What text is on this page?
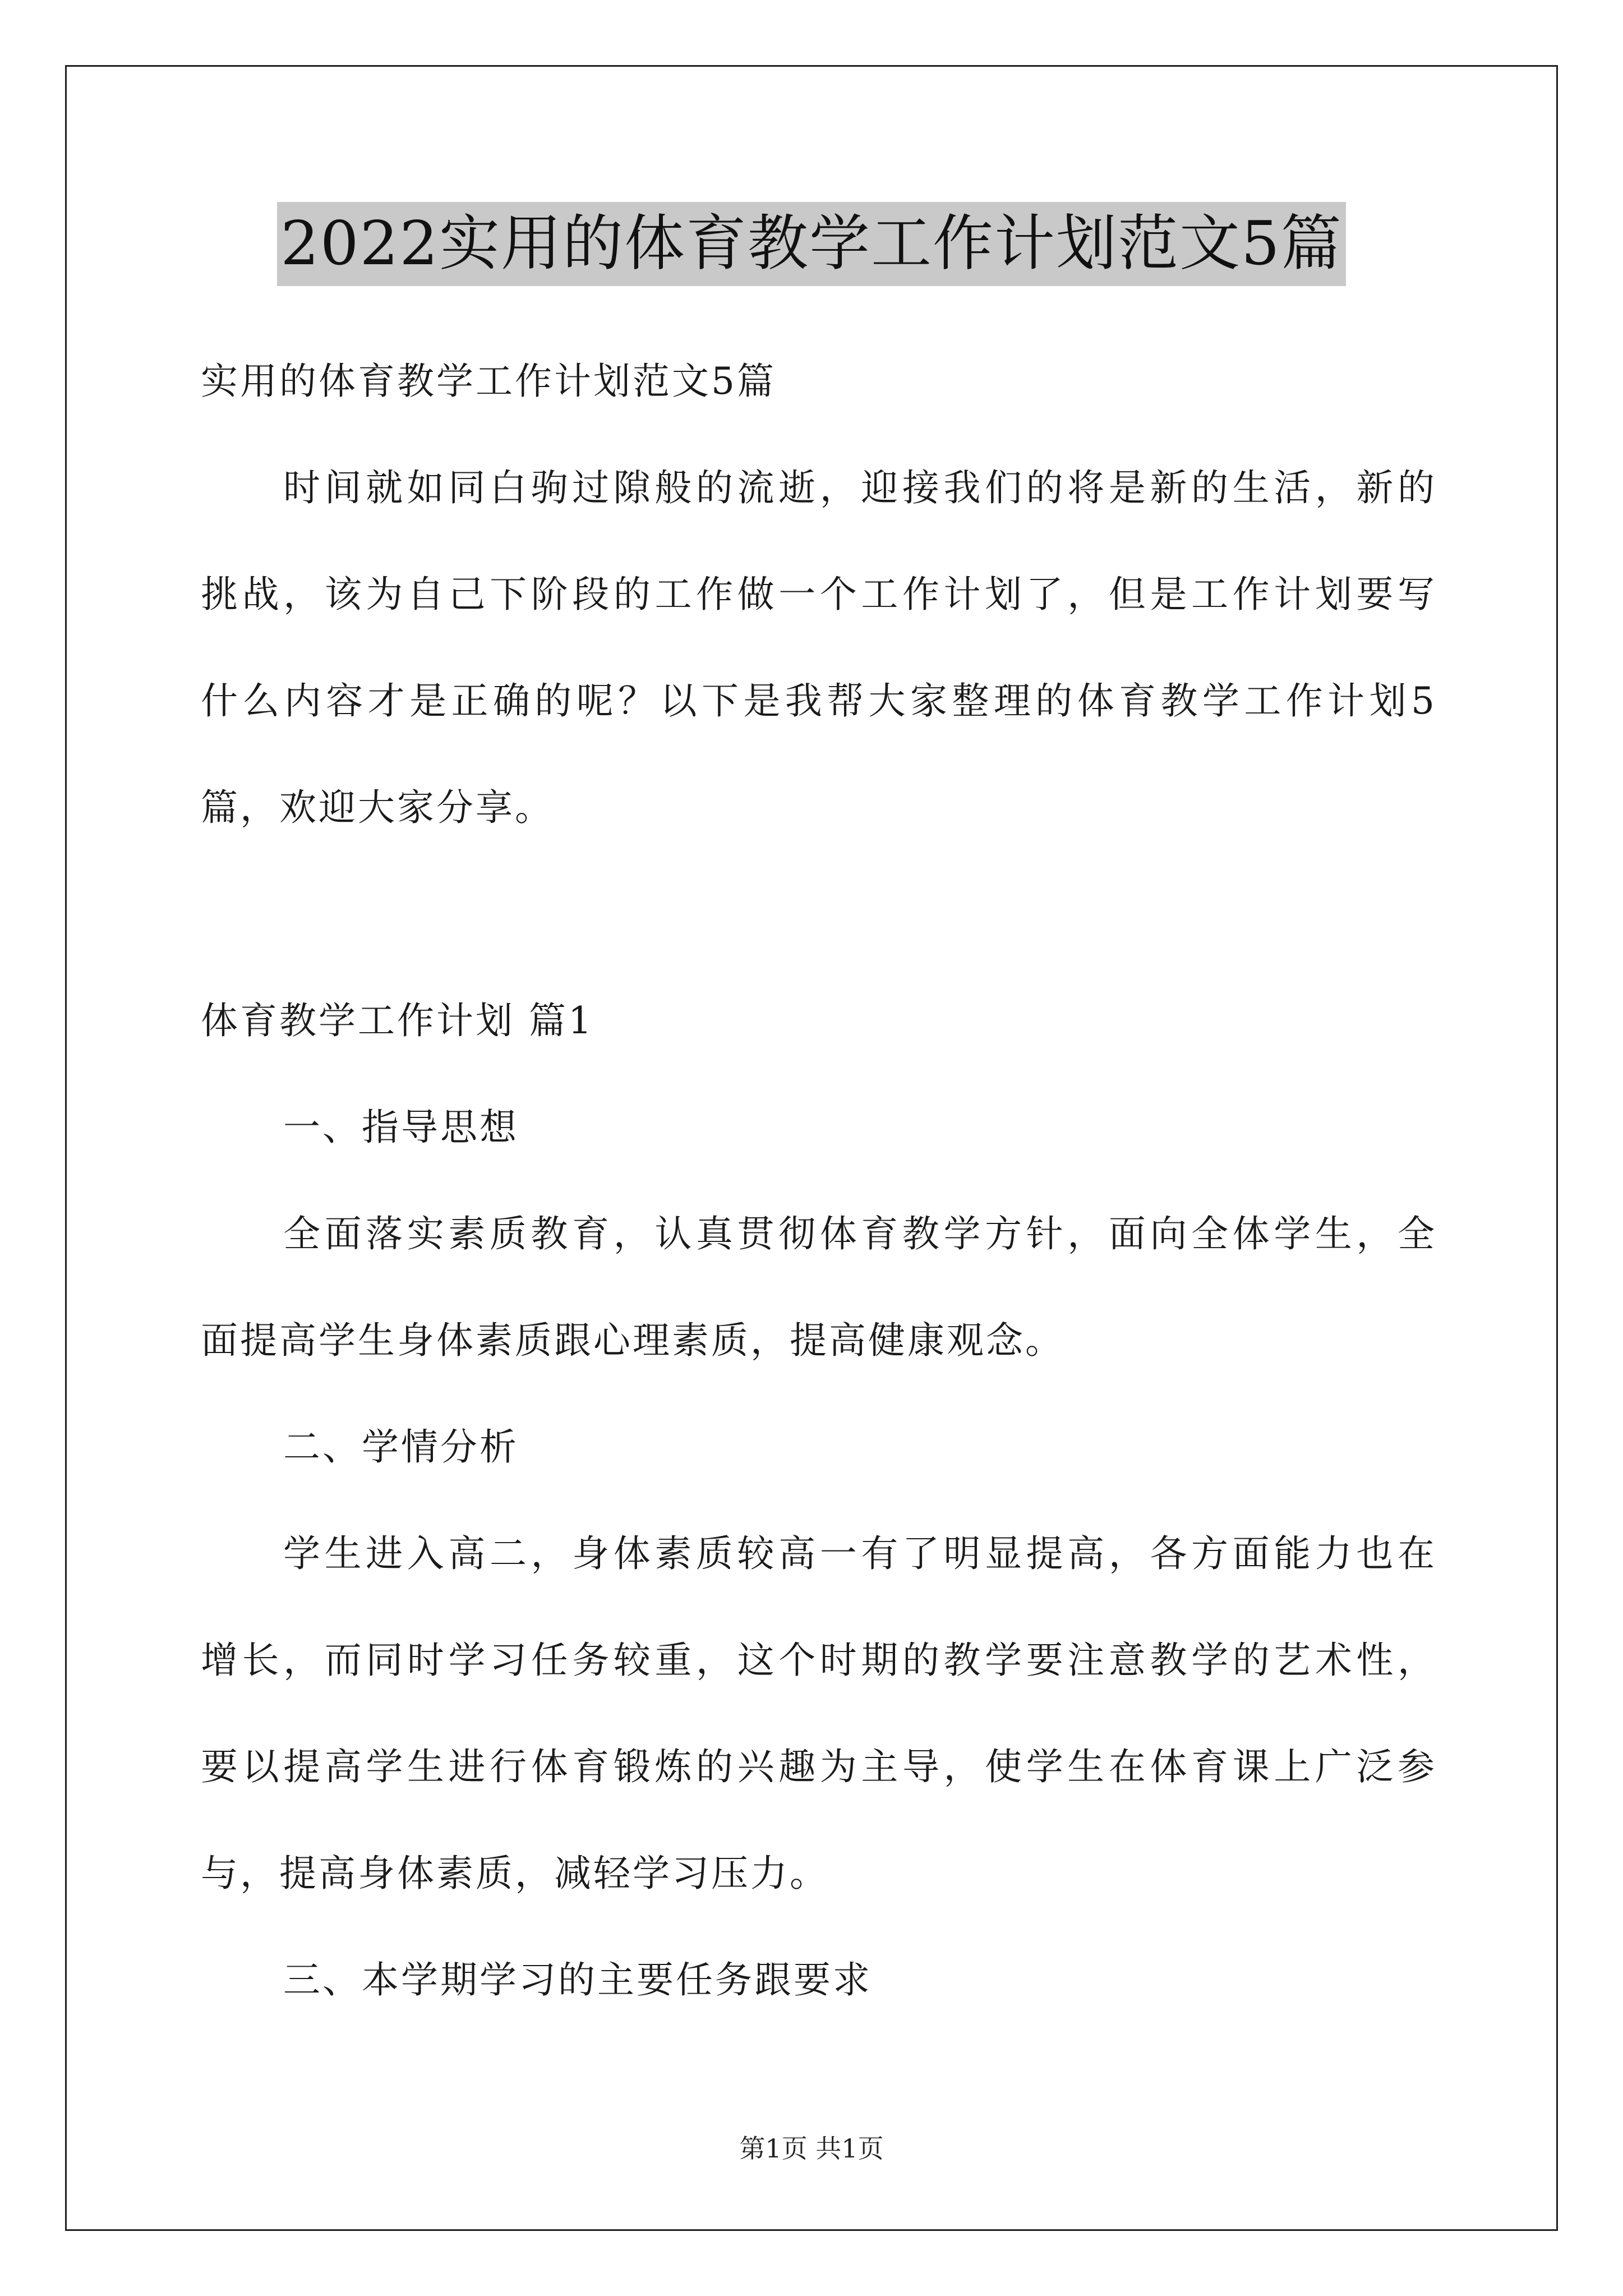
2022实用的体育教学工作计划范文5篇
实用的体育教学工作计划范文5篇
时间就如同白驹过隙般的流逝，迎接我们的将是新的生活，新的
挑战，该为自己下阶段的工作做一个工作计划了，但是工作计划要写
什么内容才是正确的呢？以下是我帮大家整理的体育教学工作计划5
篇，欢迎大家分享。
体育教学工作计划 篇1
一、指导思想
全面落实素质教育，认真贯彻体育教学方针，面向全体学生，全
面提高学生身体素质跟心理素质，提高健康观念。
二、学情分析
学生进入高二，身体素质较高一有了明显提高，各方面能力也在
增长，而同时学习任务较重，这个时期的教学要注意教学的艺术性，
要以提高学生进行体育锻炼的兴趣为主导，使学生在体育课上广泛参
与，提高身体素质，减轻学习压力。
三、本学期学习的主要任务跟要求
第1页 共1页
